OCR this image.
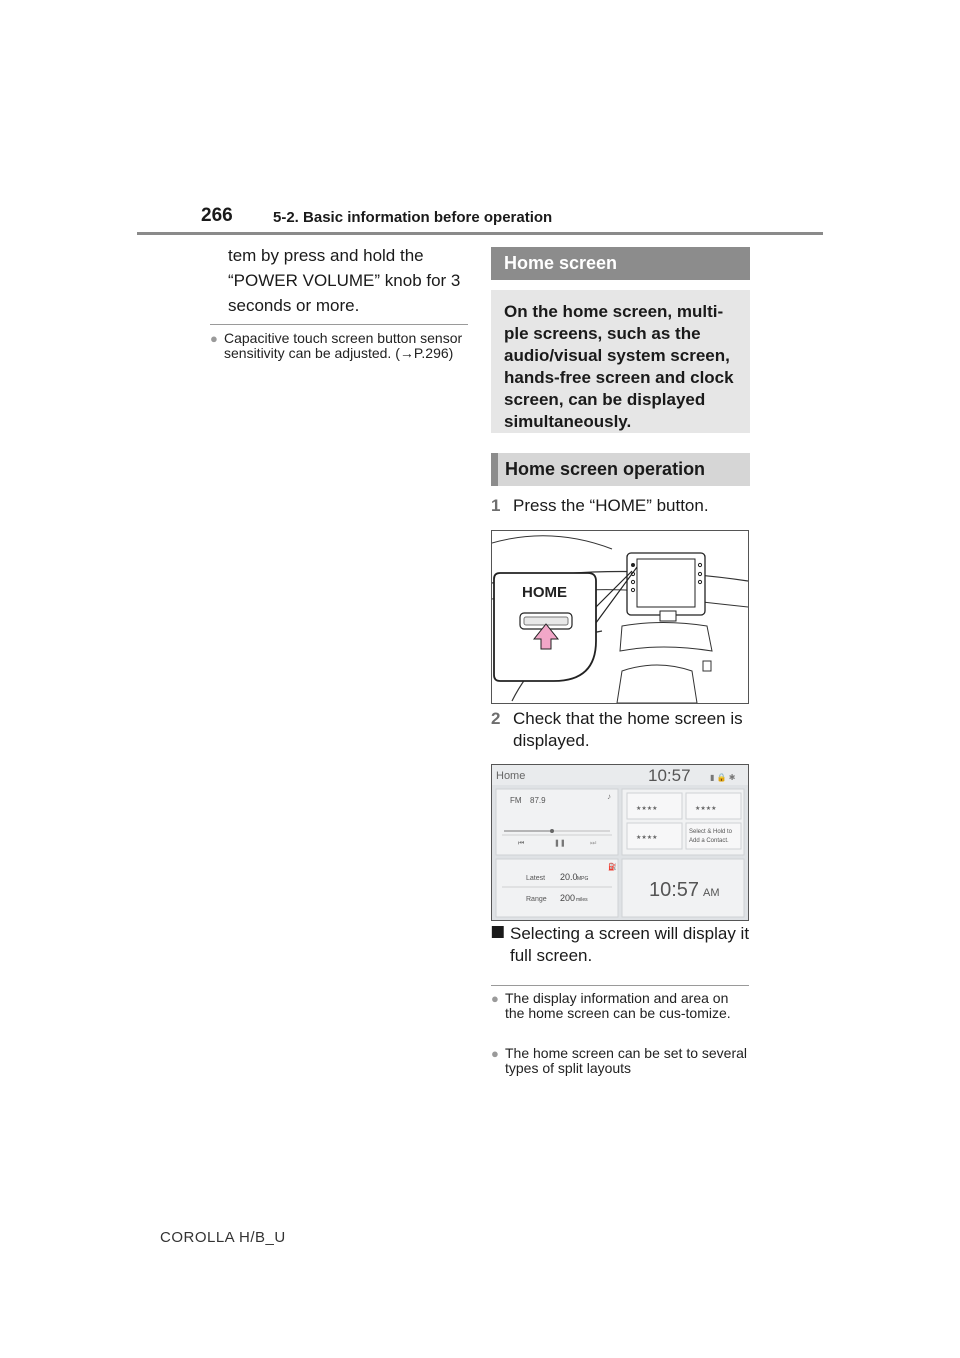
266	5-2. Basic information before operation
tem by press and hold the “POWER VOLUME” knob for 3 seconds or more.
● Capacitive touch screen button sensor sensitivity can be adjusted. (→P.296)
Home screen
On the home screen, multi-ple screens, such as the audio/visual system screen, hands-free screen and clock screen, can be displayed simultaneously.
Home screen operation
1 Press the “HOME” button.
HOME
2 Check that the home screen is displayed.
Home	10:57 ▮ 🔒 ✱
FM 87.9	♪
⏮	❚❚	⏭
★★★★	★★★★
★★★★
Select & Hold to
Add a Contact.
⛽
Latest 20.0 MPG
Range 200 miles	10:57 AM
⯀ Selecting a screen will display it full screen.
● The display information and area on the home screen can be cus-tomize.
● The home screen can be set to several types of split layouts
COROLLA H/B_U
